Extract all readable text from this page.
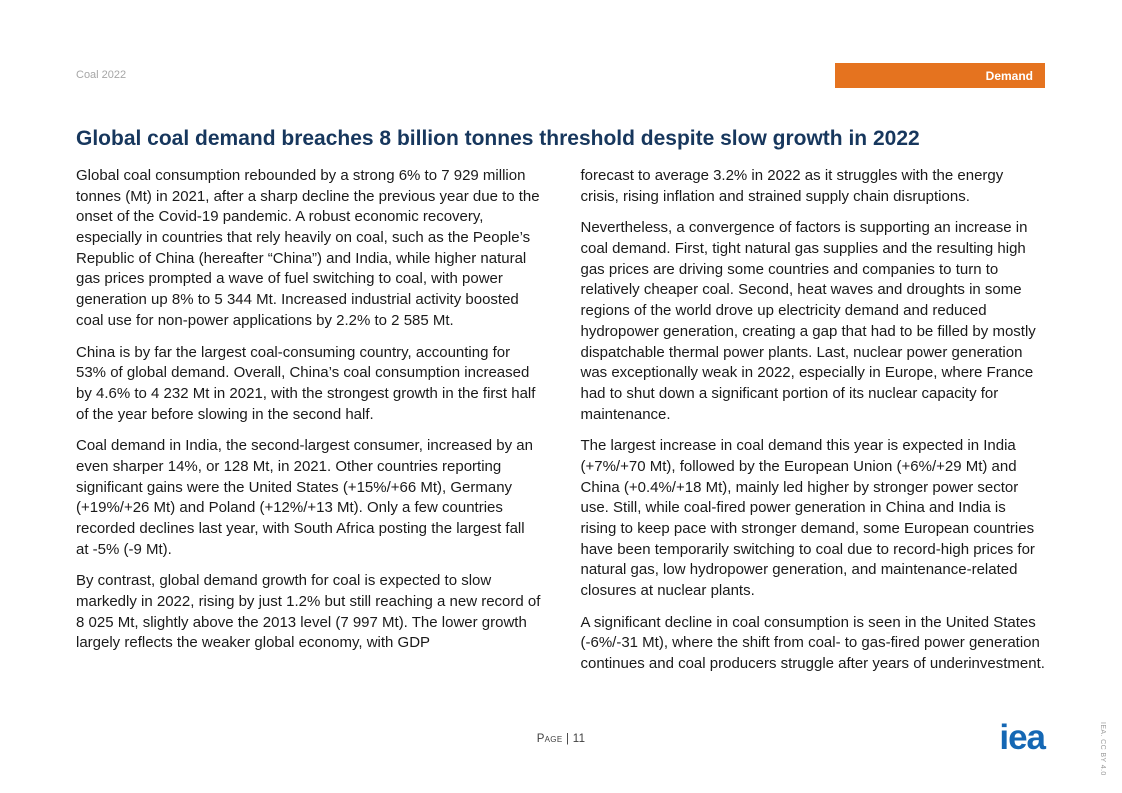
Coal 2022	Demand
Global coal demand breaches 8 billion tonnes threshold despite slow growth in 2022

Global coal consumption rebounded by a strong 6% to 7 929 million tonnes (Mt) in 2021, after a sharp decline the previous year due to the onset of the Covid-19 pandemic. A robust economic recovery, especially in countries that rely heavily on coal, such as the People’s Republic of China (hereafter “China”) and India, while higher natural gas prices prompted a wave of fuel switching to coal, with power generation up 8% to 5 344 Mt. Increased industrial activity boosted coal use for non-power applications by 2.2% to 2 585 Mt.

China is by far the largest coal-consuming country, accounting for 53% of global demand. Overall, China’s coal consumption increased by 4.6% to 4 232 Mt in 2021, with the strongest growth in the first half of the year before slowing in the second half.

Coal demand in India, the second-largest consumer, increased by an even sharper 14%, or 128 Mt, in 2021. Other countries reporting significant gains were the United States (+15%/+66 Mt), Germany (+19%/+26 Mt) and Poland (+12%/+13 Mt). Only a few countries recorded declines last year, with South Africa posting the largest fall at -5% (-9 Mt).

By contrast, global demand growth for coal is expected to slow markedly in 2022, rising by just 1.2% but still reaching a new record of 8 025 Mt, slightly above the 2013 level (7 997 Mt). The lower growth largely reflects the weaker global economy, with GDP

forecast to average 3.2% in 2022 as it struggles with the energy crisis, rising inflation and strained supply chain disruptions.

Nevertheless, a convergence of factors is supporting an increase in coal demand. First, tight natural gas supplies and the resulting high gas prices are driving some countries and companies to turn to relatively cheaper coal. Second, heat waves and droughts in some regions of the world drove up electricity demand and reduced hydropower generation, creating a gap that had to be filled by mostly dispatchable thermal power plants. Last, nuclear power generation was exceptionally weak in 2022, especially in Europe, where France had to shut down a significant portion of its nuclear capacity for maintenance.

The largest increase in coal demand this year is expected in India (+7%/+70 Mt), followed by the European Union (+6%/+29 Mt) and China (+0.4%/+18 Mt), mainly led higher by stronger power sector use. Still, while coal-fired power generation in China and India is rising to keep pace with stronger demand, some European countries have been temporarily switching to coal due to record-high prices for natural gas, low hydropower generation, and maintenance-related closures at nuclear plants.

A significant decline in coal consumption is seen in the United States (-6%/-31 Mt), where the shift from coal- to gas-fired power generation continues and coal producers struggle after years of underinvestment.

Page | 11	iea	IEA. CC BY 4.0
